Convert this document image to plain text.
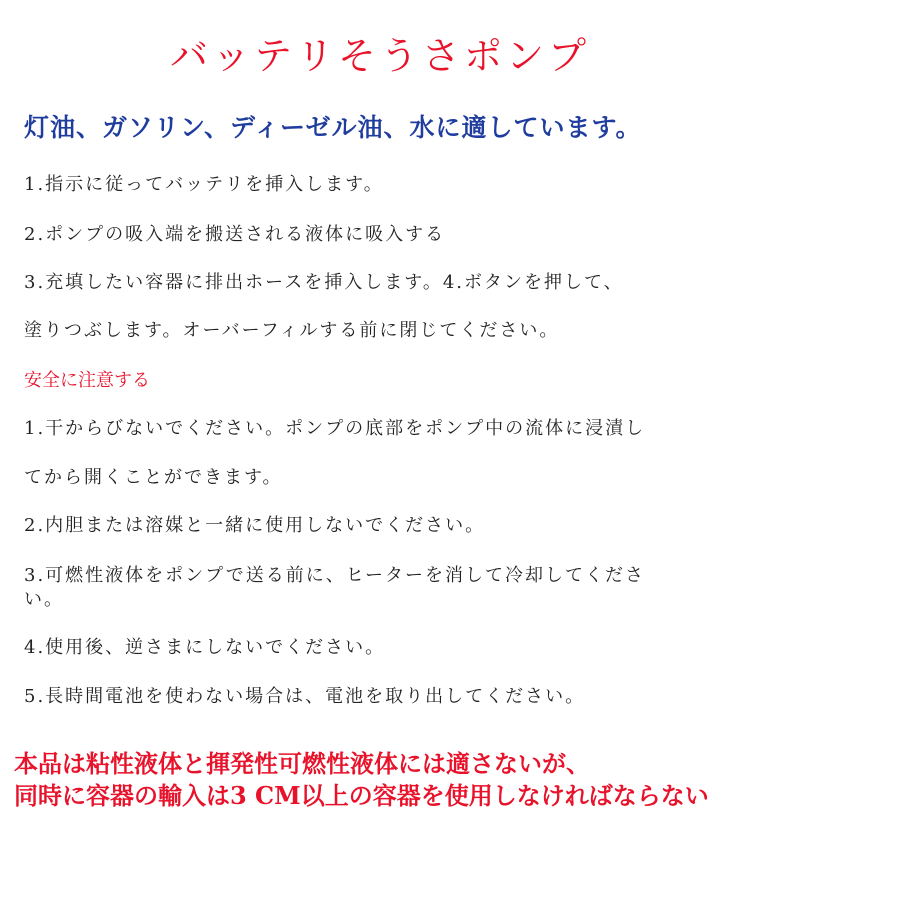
バッテリそうさポンプ
灯油、ガソリン、ディーゼル油、水に適しています。
1.指示に従ってバッテリを挿入します。
2.ポンプの吸入端を搬送される液体に吸入する
3.充填したい容器に排出ホースを挿入します。4.ボタンを押して、
塗りつぶします。オーバーフィルする前に閉じてください。
安全に注意する
1.干からびないでください。ポンプの底部をポンプ中の流体に浸漬し
てから開くことができます。
2.内胆または溶媒と一緒に使用しないでください。
3.可燃性液体をポンプで送る前に、ヒーターを消して冷却してください。
4.使用後、逆さまにしないでください。
5.長時間電池を使わない場合は、電池を取り出してください。
本品は粘性液体と揮発性可燃性液体には適さないが、
同時に容器の輸入は3 CM以上の容器を使用しなければならない
